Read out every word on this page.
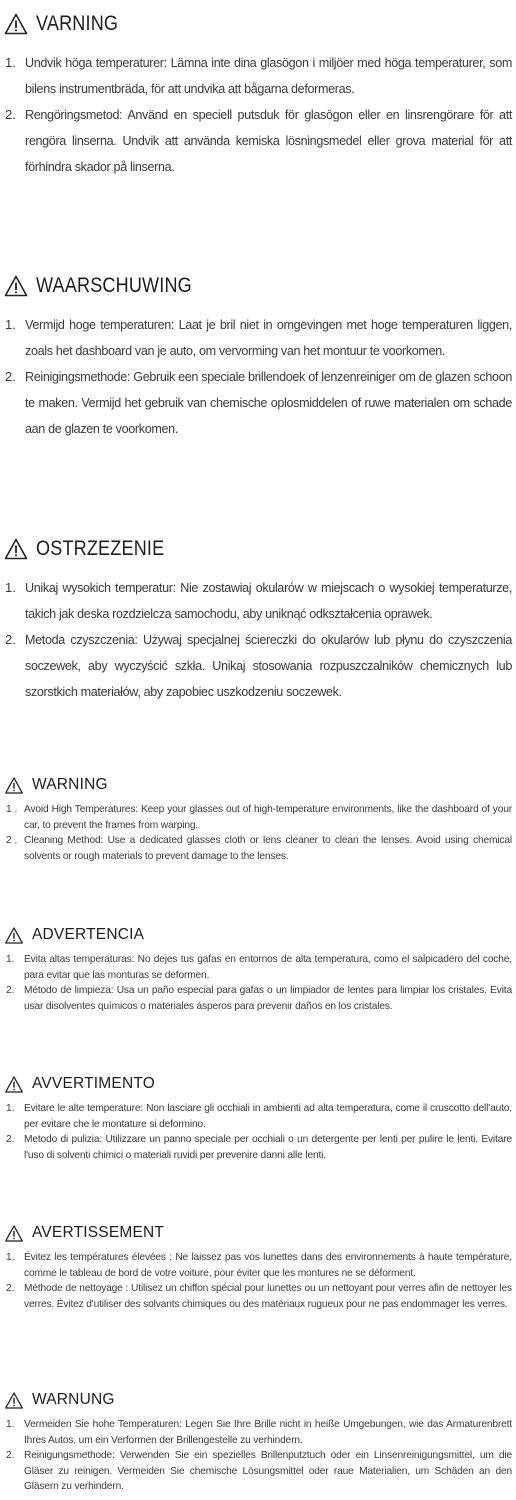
VARNING
1. Undvik höga temperaturer: Lämna inte dina glasögon i miljöer med höga temperaturer, som bilens instrumentbräda, för att undvika att bågarna deformeras.
2. Rengöringsmetod: Använd en speciell putsduk för glasögon eller en linsrengörare för att rengöra linserna. Undvik att använda kemiska lösningsmedel eller grova material för att förhindra skador på linserna.
WAARSCHUWING
1. Vermijd hoge temperaturen: Laat je bril niet in omgevingen met hoge temperaturen liggen, zoals het dashboard van je auto, om vervorming van het montuur te voorkomen.
2. Reinigingsmethode: Gebruik een speciale brillendoek of lenzenreiniger om de glazen schoon te maken. Vermijd het gebruik van chemische oplosmiddelen of ruwe materialen om schade aan de glazen te voorkomen.
OSTRZEZENIE
1. Unikaj wysokich temperatur: Nie zostawiaj okularów w miejscach o wysokiej temperaturze, takich jak deska rozdzielcza samochodu, aby uniknąć odkształcenia oprawek.
2. Metoda czyszczenia: Używaj specjalnej ściereczki do okularów lub płynu do czyszczenia soczewek, aby wyczyścić szkła. Unikaj stosowania rozpuszczalników chemicznych lub szorstkich materiałów, aby zapobiec uszkodzeniu soczewek.
WARNING
1 . Avoid High Temperatures: Keep your glasses out of high-temperature environments, like the dashboard of your car, to prevent the frames from warping.
2 . Cleaning Method: Use a dedicated glasses cloth or lens cleaner to clean the lenses. Avoid using chemical solvents or rough materials to prevent damage to the lenses.
ADVERTENCIA
1. Evita altas temperaturas: No dejes tus gafas en entornos de alta temperatura, como el salpicadero del coche, para evitar que las monturas se deformen.
2. Método de limpieza: Usa un paño especial para gafas o un limpiador de lentes para limpiar los cristales. Evita usar disolventes químicos o materiales ásperos para prevenir daños en los cristales.
AVVERTIMENTO
1. Evitare le alte temperature: Non lasciare gli occhiali in ambienti ad alta temperatura, come il cruscotto dell'auto, per evitare che le montature si deformino.
2. Metodo di pulizia: Utilizzare un panno speciale per occhiali o un detergente per lenti per pulire le lenti. Evitare l'uso di solventi chimici o materiali ruvidi per prevenire danni alle lenti.
AVERTISSEMENT
1. Évitez les températures élevées : Ne laissez pas vos lunettes dans des environnements à haute température, comme le tableau de bord de votre voiture, pour éviter que les montures ne se déforment.
2. Méthode de nettoyage : Utilisez un chiffon spécial pour lunettes ou un nettoyant pour verres afin de nettoyer les verres. Évitez d'utiliser des solvants chimiques ou des matériaux rugueux pour ne pas endommager les verres.
WARNUNG
1. Vermeiden Sie hohe Temperaturen: Legen Sie Ihre Brille nicht in heiße Umgebungen, wie das Armaturenbrett Ihres Autos, um ein Verformen der Brillengestelle zu verhindern.
2. Reinigungsmethode: Verwenden Sie ein spezielles Brillenputztuch oder ein Linsenreinigungsmittel, um die Gläser zu reinigen. Vermeiden Sie chemische Lösungsmittel oder raue Materialien, um Schäden an den Gläsern zu verhindern.
